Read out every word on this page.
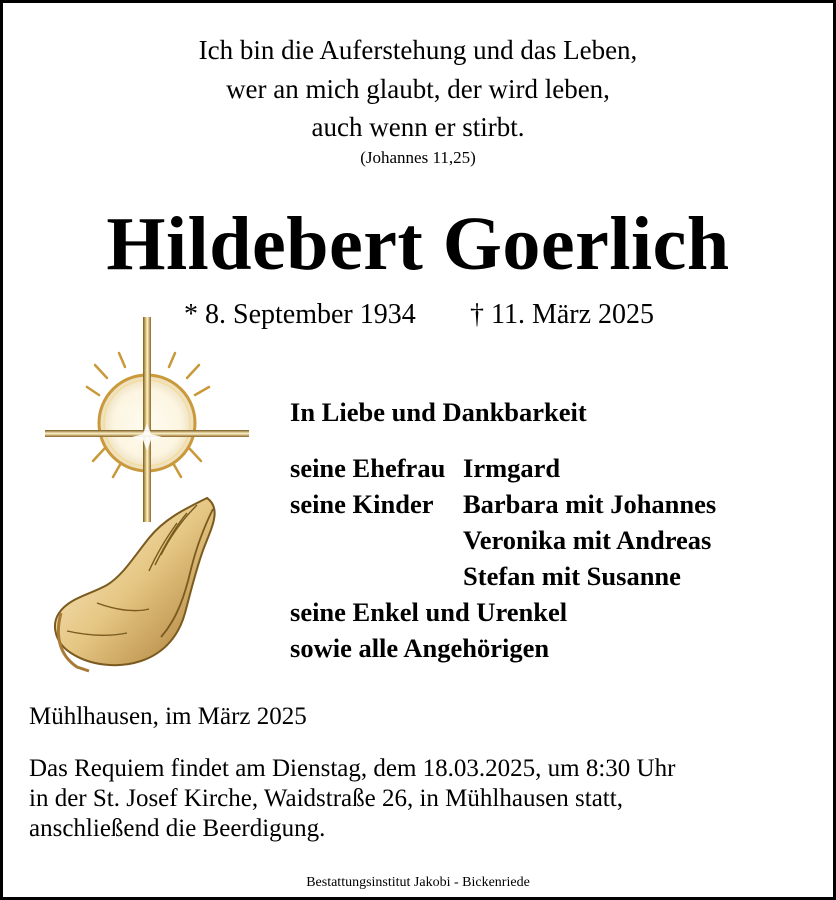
Ich bin die Auferstehung und das Leben,
wer an mich glaubt, der wird leben,
auch wenn er stirbt.
(Johannes 11,25)
Hildebert Goerlich
* 8. September 1934 † 11. März 2025
In Liebe und Dankbarkeit
seine Ehefrau Irmgard
seine Kinder Barbara mit Johannes
Veronika mit Andreas
Stefan mit Susanne
seine Enkel und Urenkel
sowie alle Angehörigen
Mühlhausen, im März 2025
Das Requiem findet am Dienstag, dem 18.03.2025, um 8:30 Uhr
in der St. Josef Kirche, Waidstraße 26, in Mühlhausen statt,
anschließend die Beerdigung.
Bestattungsinstitut Jakobi - Bickenriede
